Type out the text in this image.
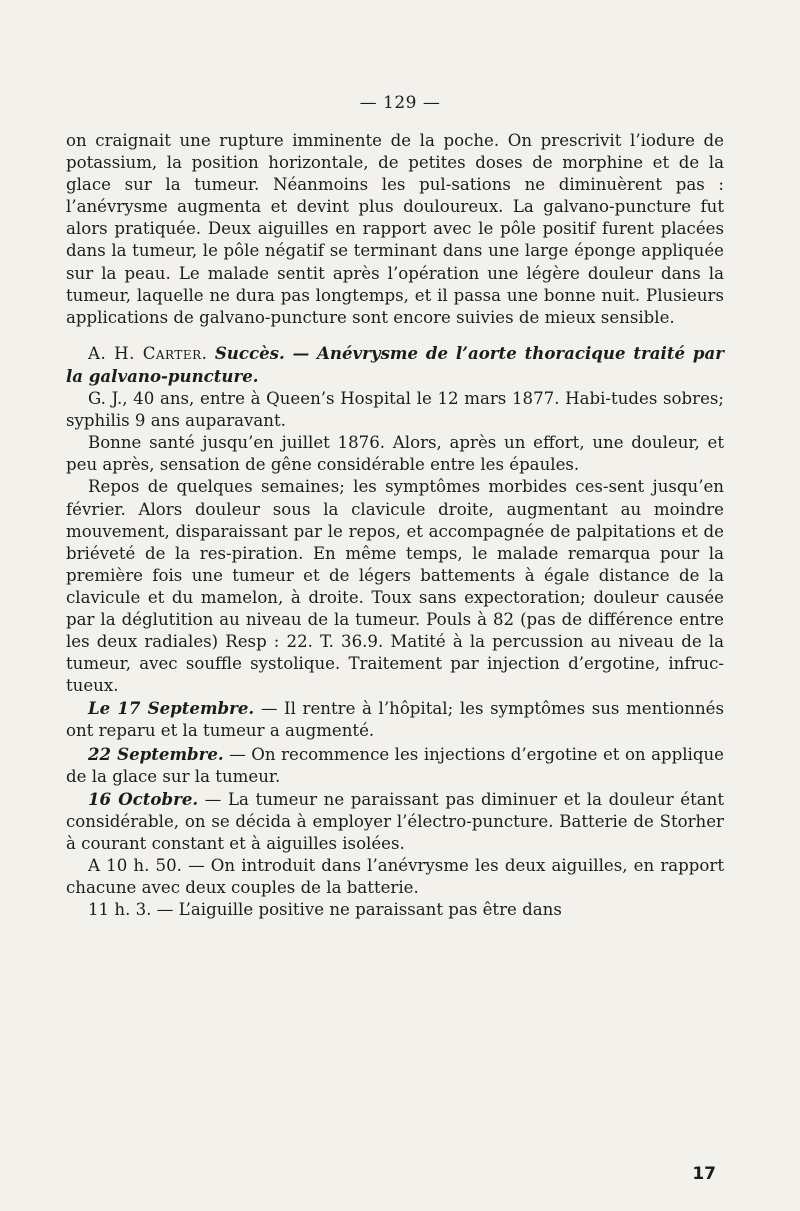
— 129 —

on craignait une rupture imminente de la poche. On prescrivit l’iodure de potassium, la position horizontale, de petites doses de morphine et de la glace sur la tumeur. Néanmoins les pul-sations ne diminuèrent pas : l’anévrysme augmenta et devint plus douloureux. La galvano-puncture fut alors pratiquée. Deux aiguilles en rapport avec le pôle positif furent placées dans la tumeur, le pôle négatif se terminant dans une large éponge appliquée sur la peau. Le malade sentit après l’opération une légère douleur dans la tumeur, laquelle ne dura pas longtemps, et il passa une bonne nuit. Plusieurs applications de galvano-puncture sont encore suivies de mieux sensible.

A. H. Carter. Succès. — Anévrysme de l’aorte thoracique traité par la galvano-puncture.

G. J., 40 ans, entre à Queen’s Hospital le 12 mars 1877. Habi-tudes sobres; syphilis 9 ans auparavant.

Bonne santé jusqu’en juillet 1876. Alors, après un effort, une douleur, et peu après, sensation de gêne considérable entre les épaules.

Repos de quelques semaines; les symptômes morbides ces-sent jusqu’en février. Alors douleur sous la clavicule droite, augmentant au moindre mouvement, disparaissant par le repos, et accompagnée de palpitations et de briéveté de la res-piration. En même temps, le malade remarqua pour la première fois une tumeur et de légers battements à égale distance de la clavicule et du mamelon, à droite. Toux sans expectoration; douleur causée par la déglutition au niveau de la tumeur. Pouls à 82 (pas de différence entre les deux radiales) Resp : 22. T. 36.9. Matité à la percussion au niveau de la tumeur, avec souffle systolique. Traitement par injection d’ergotine, infruc-tueux.

Le 17 Septembre. — Il rentre à l’hôpital; les symptômes sus mentionnés ont reparu et la tumeur a augmenté.

22 Septembre. — On recommence les injections d’ergotine et on applique de la glace sur la tumeur.

16 Octobre. — La tumeur ne paraissant pas diminuer et la douleur étant considérable, on se décida à employer l’électro-puncture. Batterie de Storher à courant constant et à aiguilles isolées.

A 10 h. 50. — On introduit dans l’anévrysme les deux aiguilles, en rapport chacune avec deux couples de la batterie.

11 h. 3. — L’aiguille positive ne paraissant pas être dans

17
